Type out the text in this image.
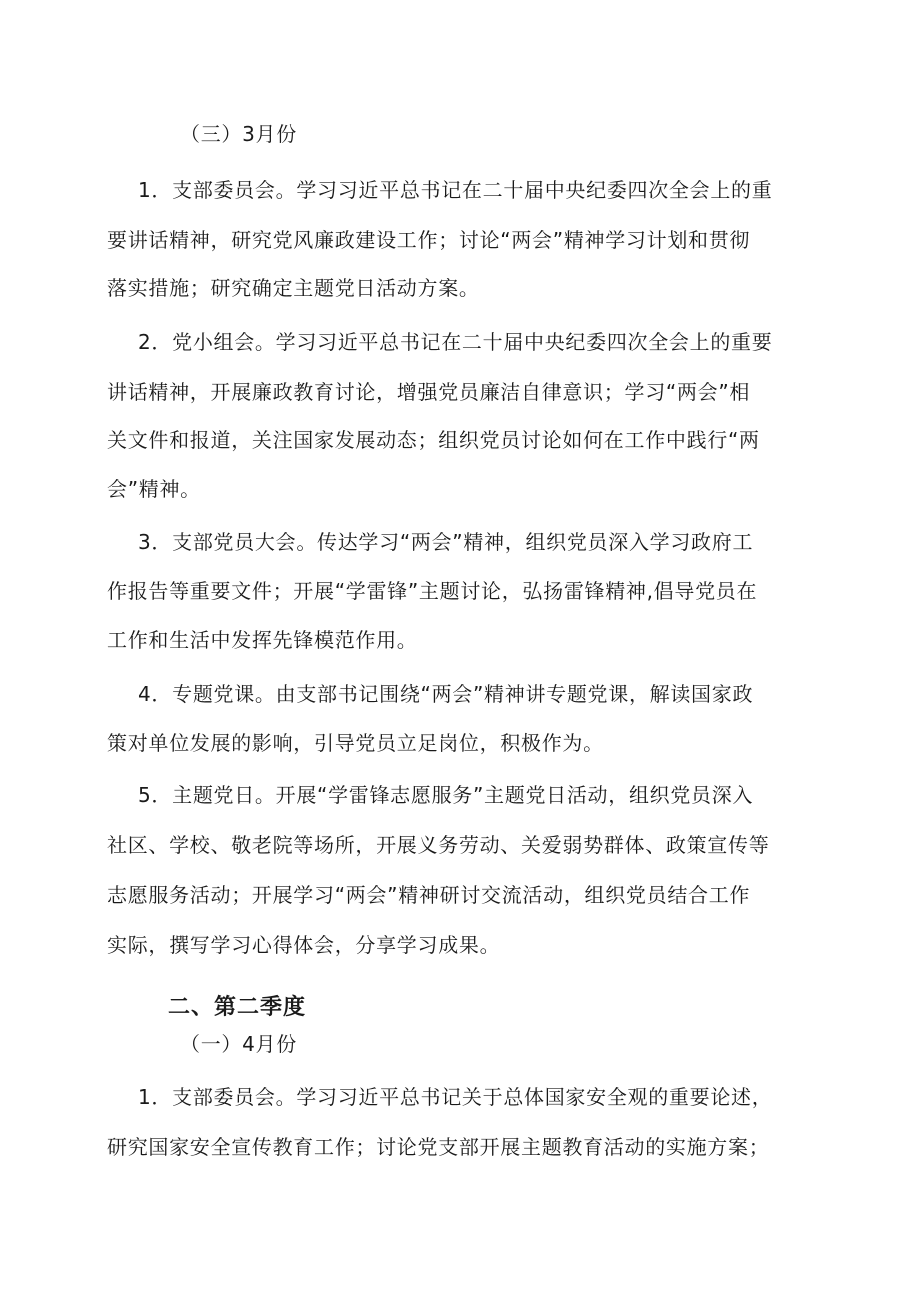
（三）3月份
1．支部委员会。学习习近平总书记在二十届中央纪委四次全会上的重
要讲话精神，研究党风廉政建设工作；讨论“两会”精神学习计划和贯彻
落实措施；研究确定主题党日活动方案。
2．党小组会。学习习近平总书记在二十届中央纪委四次全会上的重要
讲话精神，开展廉政教育讨论，增强党员廉洁自律意识；学习“两会”相
关文件和报道，关注国家发展动态；组织党员讨论如何在工作中践行“两
会”精神。
3．支部党员大会。传达学习“两会”精神，组织党员深入学习政府工
作报告等重要文件；开展“学雷锋”主题讨论，弘扬雷锋精神,倡导党员在
工作和生活中发挥先锋模范作用。
4．专题党课。由支部书记围绕“两会”精神讲专题党课，解读国家政
策对单位发展的影响，引导党员立足岗位，积极作为。
5．主题党日。开展“学雷锋志愿服务”主题党日活动，组织党员深入
社区、学校、敬老院等场所，开展义务劳动、关爱弱势群体、政策宣传等
志愿服务活动；开展学习“两会”精神研讨交流活动，组织党员结合工作
实际，撰写学习心得体会，分享学习成果。
二、第二季度
（一）4月份
1．支部委员会。学习习近平总书记关于总体国家安全观的重要论述，
研究国家安全宣传教育工作；讨论党支部开展主题教育活动的实施方案；
